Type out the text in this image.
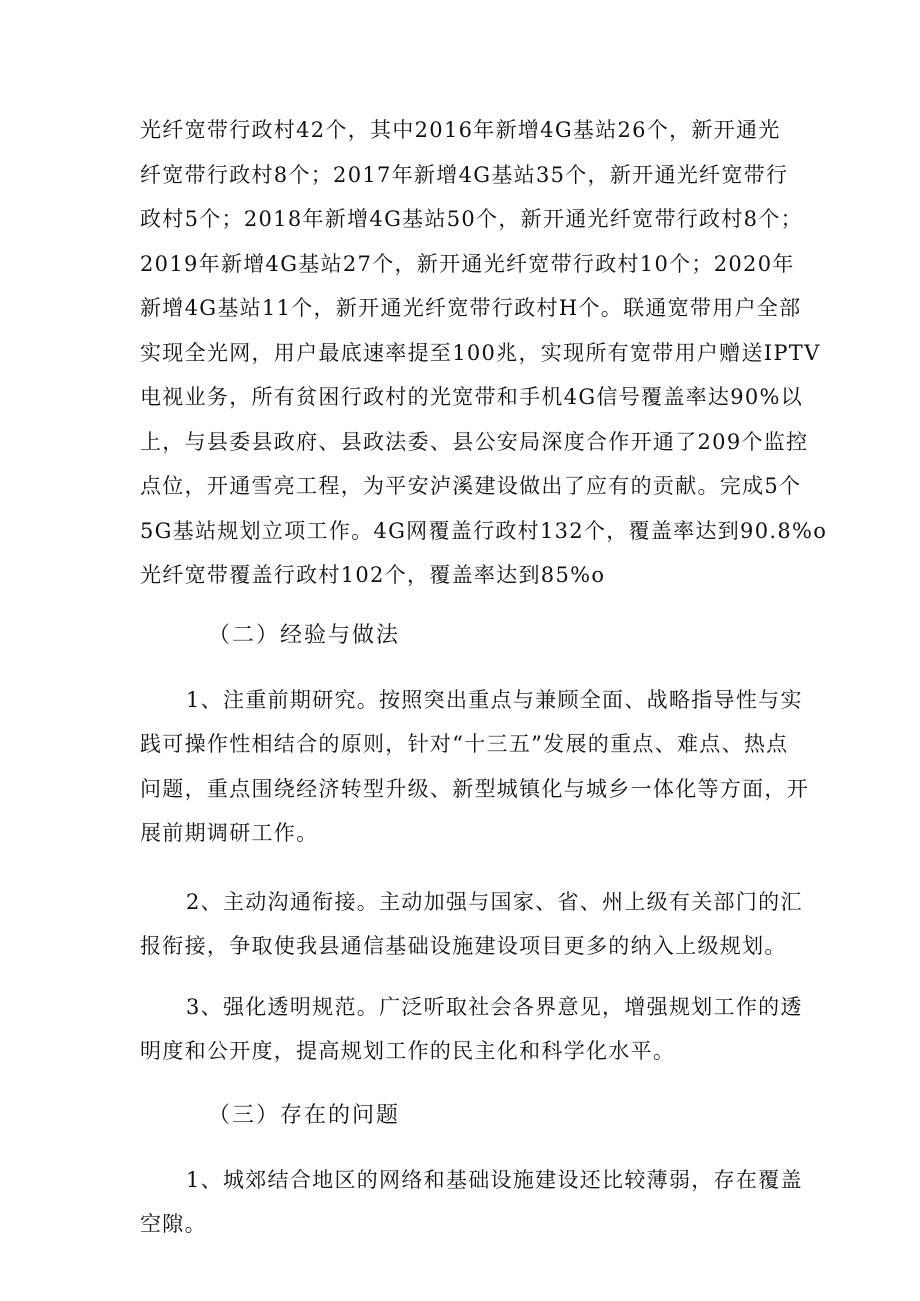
光纤宽带行政村42个，其中2016年新增4G基站26个，新开通光
纤宽带行政村8个；2017年新增4G基站35个，新开通光纤宽带行
政村5个；2018年新增4G基站50个，新开通光纤宽带行政村8个；
2019年新增4G基站27个，新开通光纤宽带行政村10个；2020年
新增4G基站11个，新开通光纤宽带行政村H个。联通宽带用户全部
实现全光网，用户最底速率提至100兆，实现所有宽带用户赠送IPTV
电视业务，所有贫困行政村的光宽带和手机4G信号覆盖率达90%以
上，与县委县政府、县政法委、县公安局深度合作开通了209个监控
点位，开通雪亮工程，为平安泸溪建设做出了应有的贡献。完成5个
5G基站规划立项工作。4G网覆盖行政村132个，覆盖率达到90.8%o
光纤宽带覆盖行政村102个，覆盖率达到85%o
（二）经验与做法
1、注重前期研究。按照突出重点与兼顾全面、战略指导性与实
践可操作性相结合的原则，针对“十三五”发展的重点、难点、热点
问题，重点围绕经济转型升级、新型城镇化与城乡一体化等方面，开
展前期调研工作。
2、主动沟通衔接。主动加强与国家、省、州上级有关部门的汇
报衔接，争取使我县通信基础设施建设项目更多的纳入上级规划。
3、强化透明规范。广泛听取社会各界意见，增强规划工作的透
明度和公开度，提高规划工作的民主化和科学化水平。
（三）存在的问题
1、城郊结合地区的网络和基础设施建设还比较薄弱，存在覆盖
空隙。
